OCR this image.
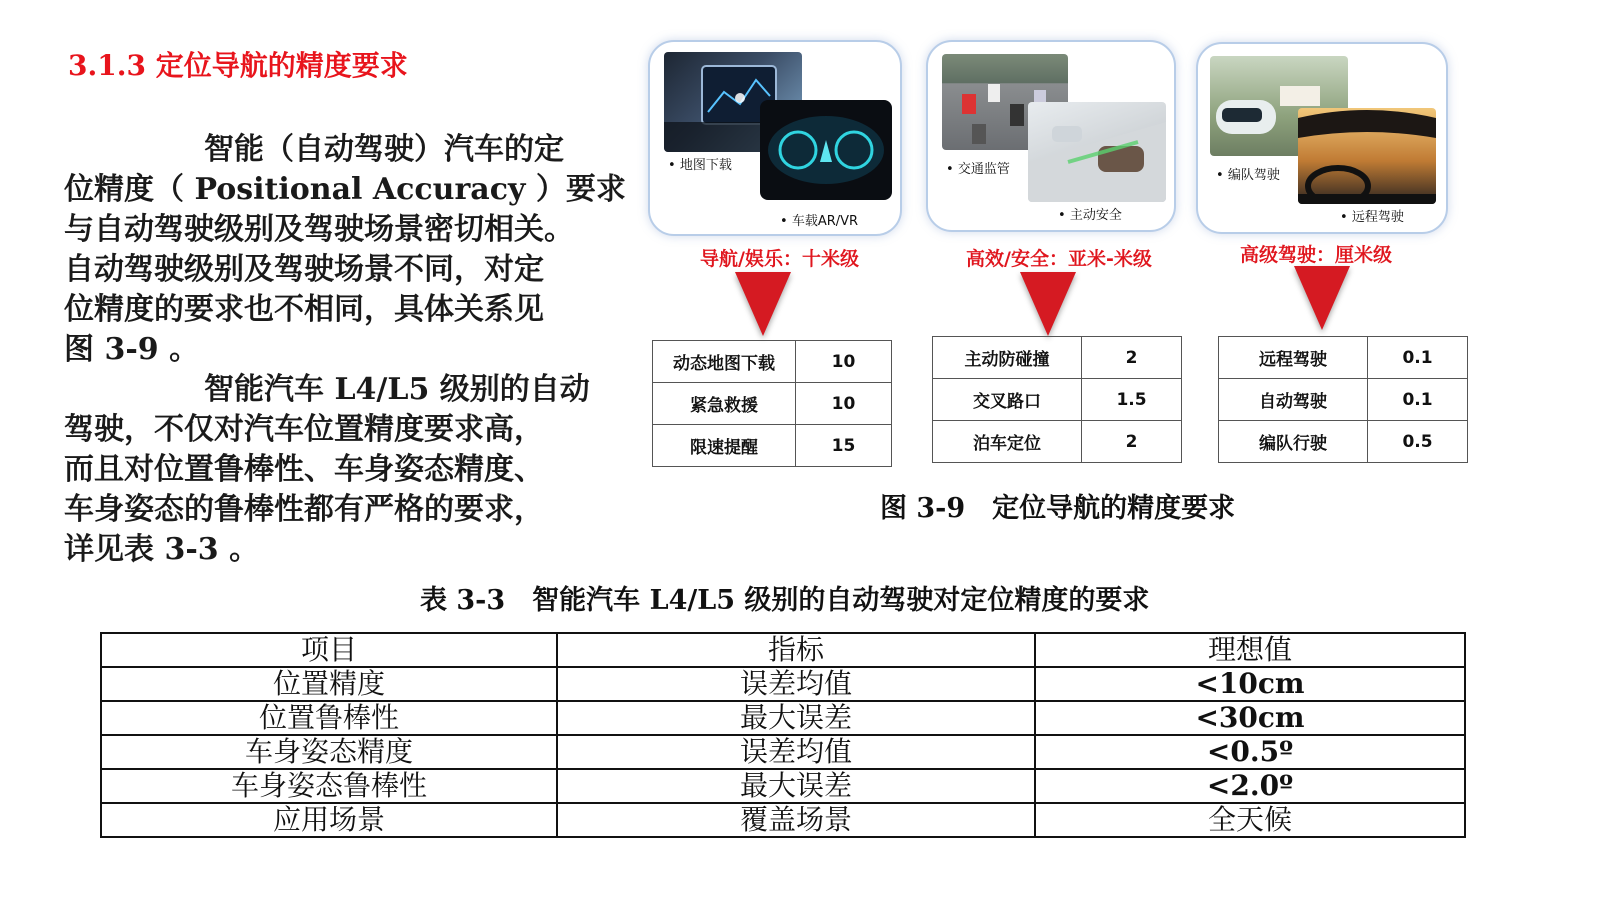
3.1.3 定位导航的精度要求
智能（自动驾驶）汽车的定
位精度（ Positional Accuracy ）要求
与自动驾驶级别及驾驶场景密切相关。
自动驾驶级别及驾驶场景不同，对定
位精度的要求也不相同，具体关系见
图 3-9 。
智能汽车 L4/L5 级别的自动
驾驶，不仅对汽车位置精度要求高，
而且对位置鲁棒性、车身姿态精度、
车身姿态的鲁棒性都有严格的要求，
详见表 3-3 。
• 地图下载
• 车载AR/VR
导航/娱乐：十米级
动态地图下载	10
紧急救援	10
限速提醒	15
• 交通监管
• 主动安全
高效/安全：亚米-米级
主动防碰撞	2
交叉路口	1.5
泊车定位	2
• 编队驾驶
• 远程驾驶
高级驾驶：厘米级
远程驾驶	0.1
自动驾驶	0.1
编队行驶	0.5
图 3-9　定位导航的精度要求
表 3-3　智能汽车 L4/L5 级别的自动驾驶对定位精度的要求
项目	指标	理想值
位置精度	误差均值	<10cm
位置鲁棒性	最大误差	<30cm
车身姿态精度	误差均值	<0.5º
车身姿态鲁棒性	最大误差	<2.0º
应用场景	覆盖场景	全天候
